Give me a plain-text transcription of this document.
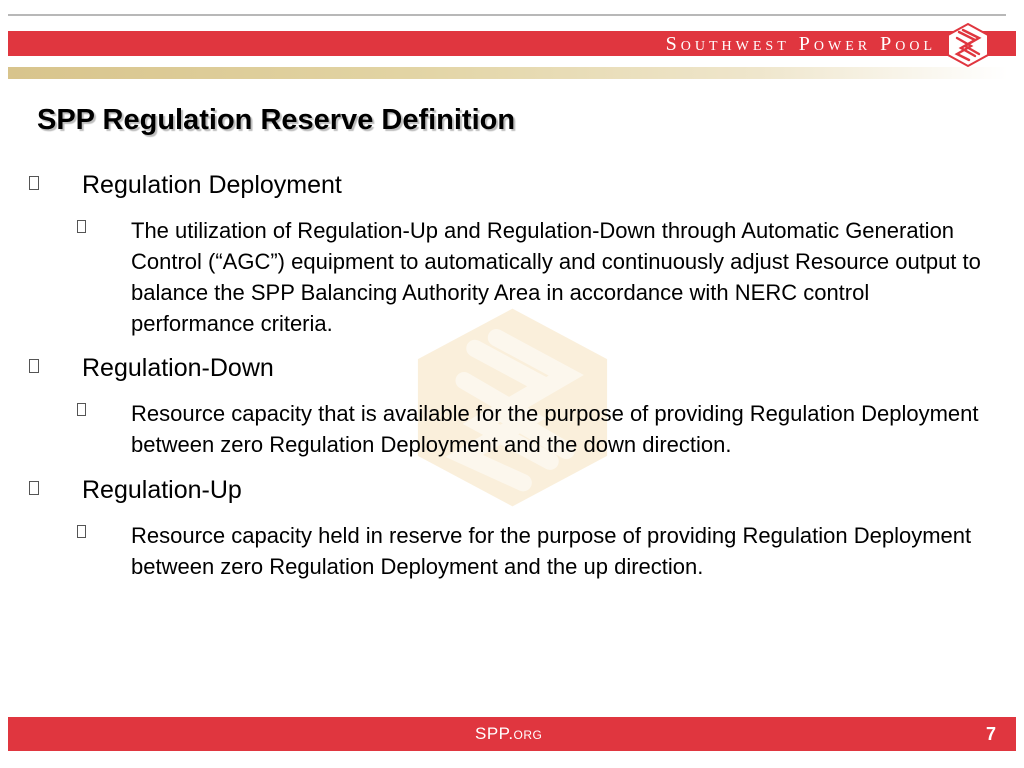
Southwest Power Pool
SPP Regulation Reserve Definition
Regulation Deployment
The utilization of Regulation-Up and Regulation-Down through Automatic Generation Control (“AGC”) equipment to automatically and continuously adjust Resource output to balance the SPP Balancing Authority Area in accordance with NERC control performance criteria.
Regulation-Down
Resource capacity that is available for the purpose of providing Regulation Deployment between zero Regulation Deployment and the down direction.
Regulation-Up
Resource capacity held in reserve for the purpose of providing Regulation Deployment between zero Regulation Deployment and the up direction.
SPP.org	7
